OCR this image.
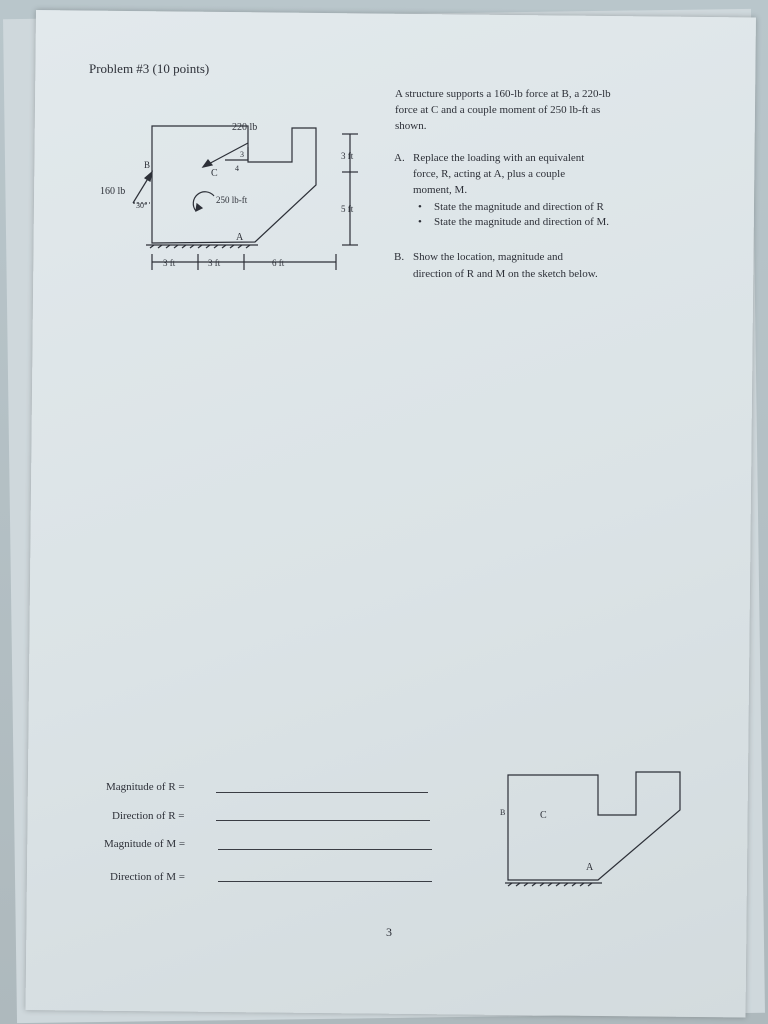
Problem #3 (10 points)
A structure supports a 160-lb force at B, a 220-lb
force at C and a couple moment of 250 lb-ft as
shown.
A. Replace the loading with an equivalent
force, R, acting at A, plus a couple
moment, M.
• State the magnitude and direction of R
• State the magnitude and direction of M.
B. Show the location, magnitude and
direction of R and M on the sketch below.
220 lb
160 lb
30°
250 lb-ft
3
4
3 ft
5 ft
3 ft	3 ft	6 ft
B
C
A
B	C
A
Magnitude of R =
Direction of R =
Magnitude of M =
Direction of M =
3
